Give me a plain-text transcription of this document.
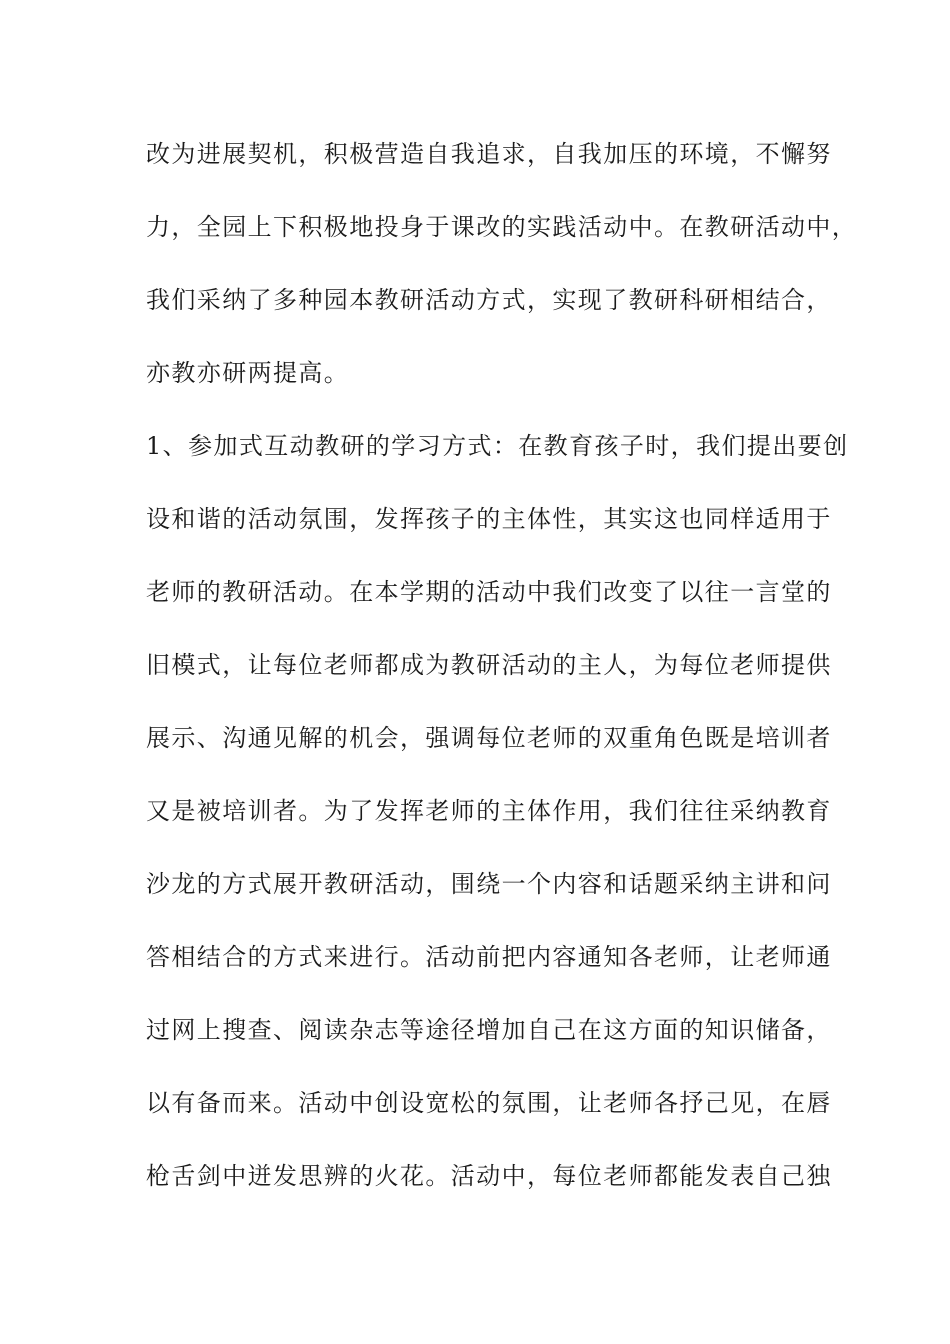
改为进展契机，积极营造自我追求，自我加压的环境，不懈努
力，全园上下积极地投身于课改的实践活动中。在教研活动中，
我们采纳了多种园本教研活动方式，实现了教研科研相结合，
亦教亦研两提高。
1、参加式互动教研的学习方式：在教育孩子时，我们提出要创
设和谐的活动氛围，发挥孩子的主体性，其实这也同样适用于
老师的教研活动。在本学期的活动中我们改变了以往一言堂的
旧模式，让每位老师都成为教研活动的主人，为每位老师提供
展示、沟通见解的机会，强调每位老师的双重角色既是培训者
又是被培训者。为了发挥老师的主体作用，我们往往采纳教育
沙龙的方式展开教研活动，围绕一个内容和话题采纳主讲和问
答相结合的方式来进行。活动前把内容通知各老师，让老师通
过网上搜查、阅读杂志等途径增加自己在这方面的知识储备，
以有备而来。活动中创设宽松的氛围，让老师各抒己见，在唇
枪舌剑中迸发思辨的火花。活动中，每位老师都能发表自己独
